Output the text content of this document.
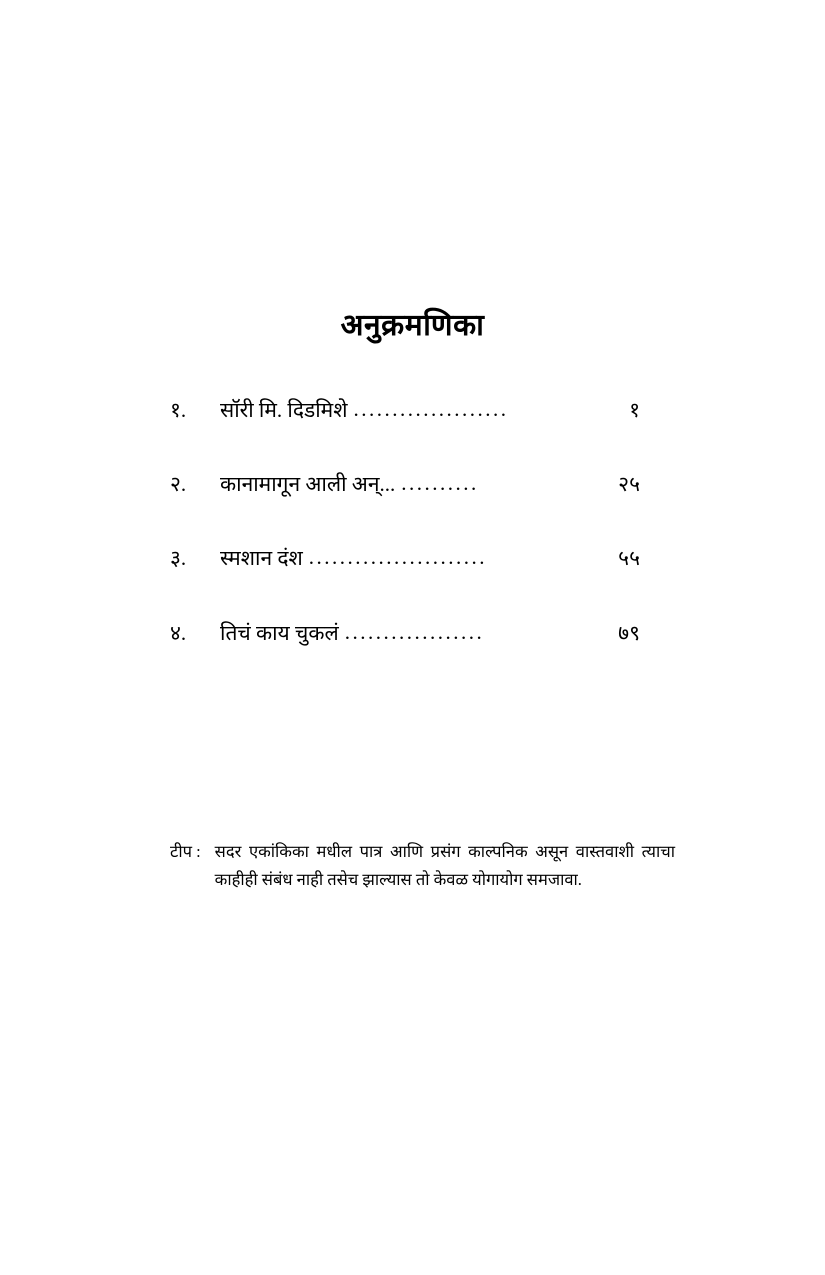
अनुक्रमणिका
१.	सॉरी मि. दिडमिशे ....................	१
२.	कानामागून आली अन्... ..........	२५
३.	स्मशान दंश .......................	५५
४.	तिचं काय चुकलं ..................	७९
टीप : सदर एकांकिका मधील पात्र आणि प्रसंग काल्पनिक असून वास्तवाशी त्याचा काहीही संबंध नाही तसेच झाल्यास तो केवळ योगायोग समजावा.
